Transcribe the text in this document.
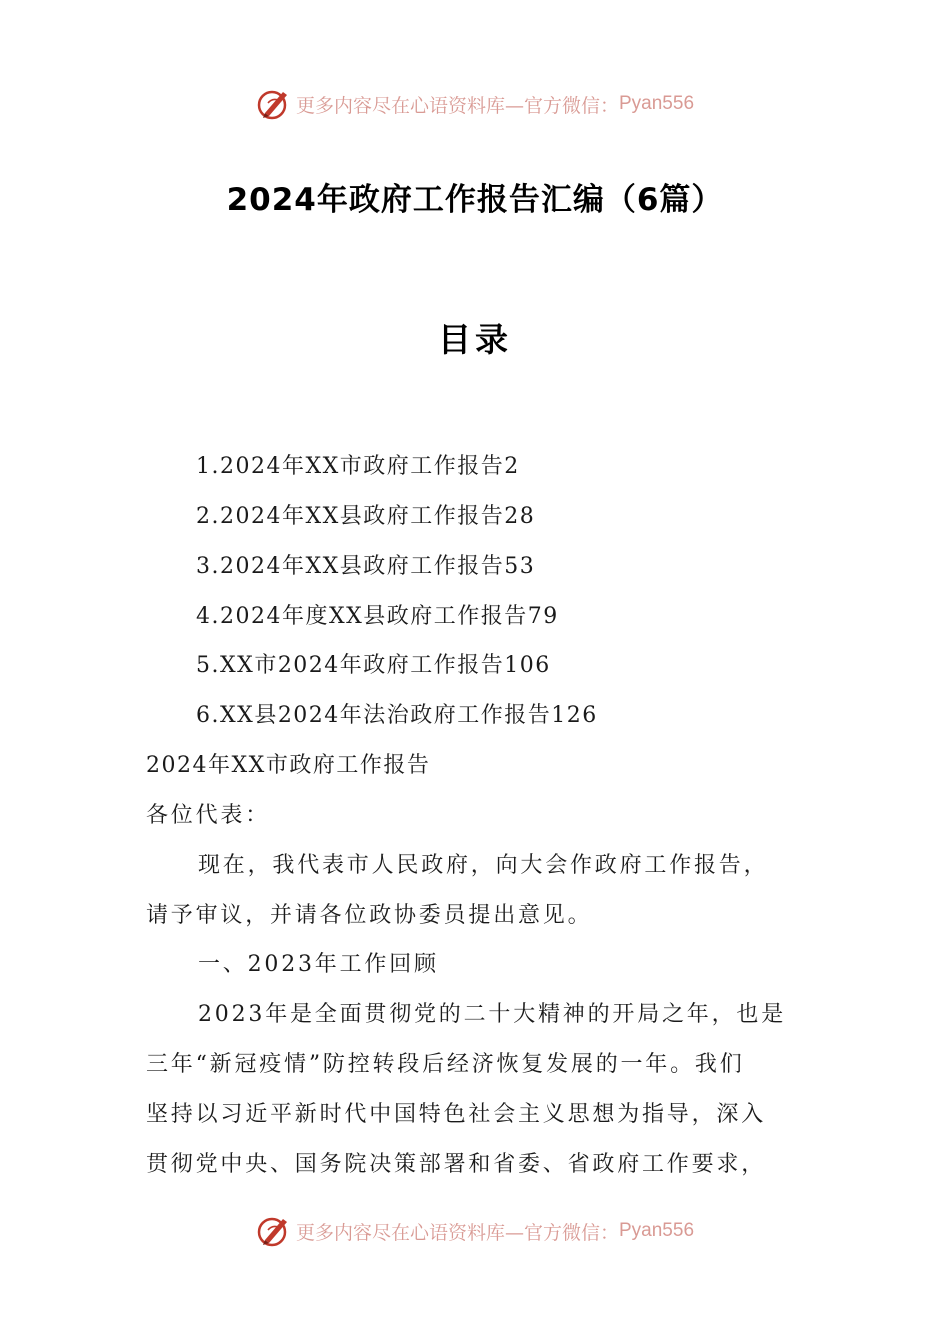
更多内容尽在心语资料库—官方微信： Pyan556
2024年政府工作报告汇编（6篇）
目录
1.2024年XX市政府工作报告2
2.2024年XX县政府工作报告28
3.2024年XX县政府工作报告53
4.2024年度XX县政府工作报告79
5.XX市2024年政府工作报告106
6.XX县2024年法治政府工作报告126
2024年XX市政府工作报告
各位代表：
现在，我代表市人民政府，向大会作政府工作报告，
请予审议，并请各位政协委员提出意见。
一、2023年工作回顾
2023年是全面贯彻党的二十大精神的开局之年，也是
三年“新冠疫情”防控转段后经济恢复发展的一年。我们
坚持以习近平新时代中国特色社会主义思想为指导，深入
贯彻党中央、国务院决策部署和省委、省政府工作要求，
更多内容尽在心语资料库—官方微信： Pyan556
